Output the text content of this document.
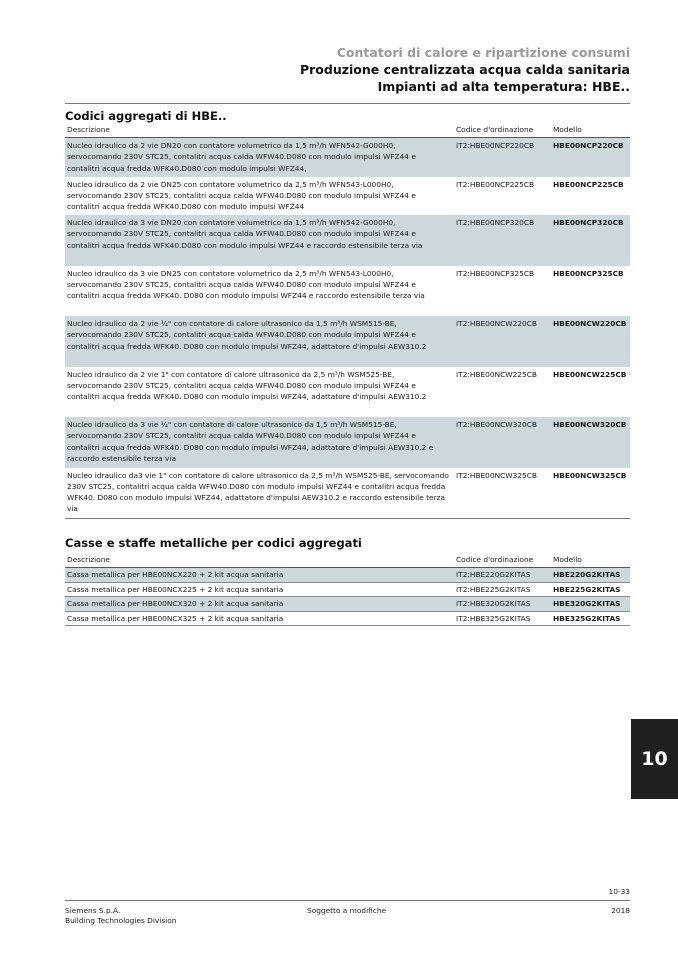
Contatori di calore e ripartizione consumi
Produzione centralizzata acqua calda sanitaria
Impianti ad alta temperatura: HBE..
Codici aggregati di HBE..
Descrizione	Codice d'ordinazione	Modello
Nucleo idraulico da 2 vie DN20 con contatore volumetrico da 1,5 m³/h WFN542-G000H0, servocomando 230V STC25, contalitri acqua calda WFW40.D080 con modulo impulsi WFZ44 e contalitri acqua fredda WFK40.D080 con modulo impulsi WFZ44,
IT2:HBE00NCP220CB	HBE00NCP220CB
Nucleo idraulico da 2 vie DN25 con contatore volumetrico da 2,5 m³/h WFN543-L000H0, servocomando 230V STC25, contalitri acqua calda WFW40.D080 con modulo impulsi WFZ44 e contalitri acqua fredda WFK40.D080 con modulo impulsi WFZ44
IT2:HBE00NCP225CB	HBE00NCP225CB
Nucleo idraulico da 3 vie DN20 con contatore volumetrico da 1,5 m³/h WFN542-G000H0, servocomando 230V STC25, contalitri acqua calda WFW40.D080 con modulo impulsi WFZ44 e contalitri acqua fredda WFK40.D080 con modulo impulsi WFZ44 e raccordo estensibile terza via
IT2:HBE00NCP320CB	HBE00NCP320CB
Nucleo idraulico da 3 vie DN25 con contatore volumetrico da 2,5 m³/h WFN543-L000H0, servocomando 230V STC25, contalitri acqua calda WFW40.D080 con modulo impulsi WFZ44 e contalitri acqua fredda WFK40. D080 con modulo impulsi WFZ44 e raccordo estensibile terza via
IT2:HBE00NCP325CB	HBE00NCP325CB
Nucleo idraulico da 2 vie ¾" con contatore di calore ultrasonico da 1,5 m³/h WSM515-BE, servocomando 230V STC25, contalitri acqua calda WFW40.D080 con modulo impulsi WFZ44 e contalitri acqua fredda WFK40. D080 con modulo impulsi WFZ44, adattatore d'impulsi AEW310.2
IT2:HBE00NCW220CB HBE00NCW220CB
Nucleo idraulico da 2 vie 1" con contatore di calore ultrasonico da 2,5 m³/h WSM525-BE, servocomando 230V STC25, contalitri acqua calda WFW40.D080 con modulo impulsi WFZ44 e contalitri acqua fredda WFK40. D080 con modulo impulsi WFZ44, adattatore d'impulsi AEW310.2
IT2:HBE00NCW225CB HBE00NCW225CB
Nucleo idraulico da 3 vie ¾" con contatore di calore ultrasonico da 1,5 m³/h WSM515-BE, servocomando 230V STC25, contalitri acqua calda WFW40.D080 con modulo impulsi WFZ44 e contalitri acqua fredda WFK40. D080 con modulo impulsi WFZ44, adattatore d'impulsi AEW310.2 e raccordo estensibile terza via
IT2:HBE00NCW320CB HBE00NCW320CB
Nucleo idraulico da3 vie 1" con contatore di calore ultrasonico da 2,5 m³/h WSM525-BE, servocomando 230V STC25, contalitri acqua calda WFW40.D080 con modulo impulsi WFZ44 e contalitri acqua fredda WFK40. D080 con modulo impulsi WFZ44, adattatore d'impulsi AEW310.2 e raccordo estensibile terza via
IT2:HBE00NCW325CB HBE00NCW325CB
Casse e staffe metalliche per codici aggregati
Descrizione	Codice d'ordinazione	Modello
Cassa metallica per HBE00NCX220 + 2 kit acqua sanitaria	IT2:HBE220G2KITAS	HBE220G2KITAS
Cassa metallica per HBE00NCX225 + 2 kit acqua sanitaria	IT2:HBE225G2KITAS	HBE225G2KITAS
Cassa metallica per HBE00NCX320 + 2 kit acqua sanitaria	IT2:HBE320G2KITAS	HBE320G2KITAS
Cassa metallica per HBE00NCX325 + 2 kit acqua sanitaria	IT2:HBE325G2KITAS	HBE325G2KITAS
10
10-33
Siemens S.p.A.
Building Technologies Division
Soggetto a modifiche	2018
